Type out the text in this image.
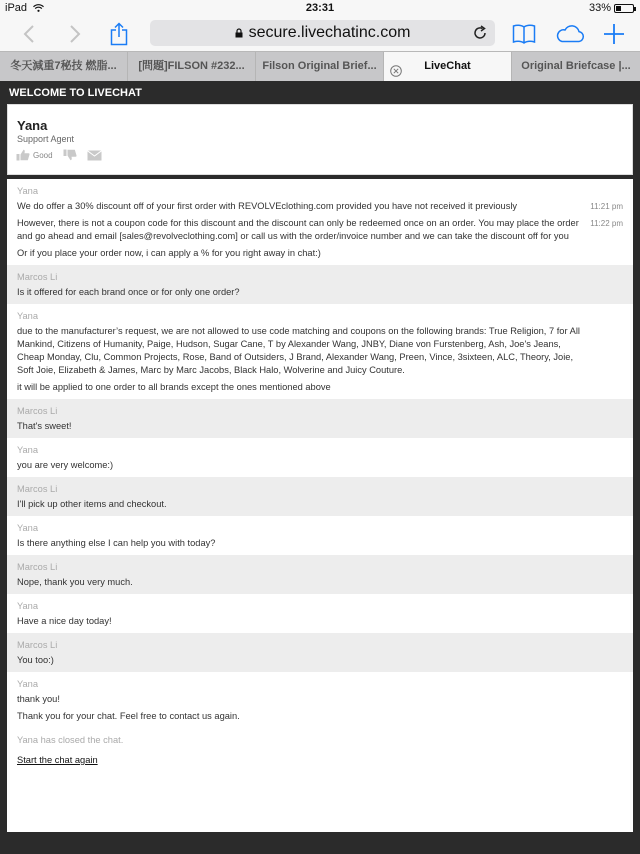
iPad	23:31	33%
secure.livechatinc.com
冬天減重7秘技 燃脂...	[問題]FILSON #232...	Filson Original Brief...	LiveChat	Original Briefcase |...
WELCOME TO LIVECHAT
Yana
Support Agent
Good
Yana
We do offer a 30% discount off of your first order with REVOLVEclothing.com provided you have not received it previously	11:21 pm
However, there is not a coupon code for this discount and the discount can only be redeemed once on an order. You may place the order and go ahead and email [sales@revolveclothing.com] or call us with the order/invoice number and we can take the discount off for you
11:22 pm
Or if you place your order now, i can apply a % for you right away in chat:)
Marcos Li
Is it offered for each brand once or for only one order?
Yana
due to the manufacturer’s request, we are not allowed to use code matching and coupons on the following brands: True Religion, 7 for All Mankind, Citizens of Humanity, Paige, Hudson, Sugar Cane, T by Alexander Wang, JNBY, Diane von Furstenberg, Ash, Joe's Jeans, Cheap Monday, Clu, Common Projects, Rose, Band of Outsiders, J Brand, Alexander Wang, Preen, Vince, 3sixteen, ALC, Theory, Joie, Soft Joie, Elizabeth & James, Marc by Marc Jacobs, Black Halo, Wolverine and Juicy Couture.
it will be applied to one order to all brands except the ones mentioned above
Marcos Li
That's sweet!
Yana
you are very welcome:)
Marcos Li
I'll pick up other items and checkout.
Yana
Is there anything else I can help you with today?
Marcos Li
Nope, thank you very much.
Yana
Have a nice day today!
Marcos Li
You too:)
Yana
thank you!
Thank you for your chat. Feel free to contact us again.
Yana has closed the chat.
Start the chat again
